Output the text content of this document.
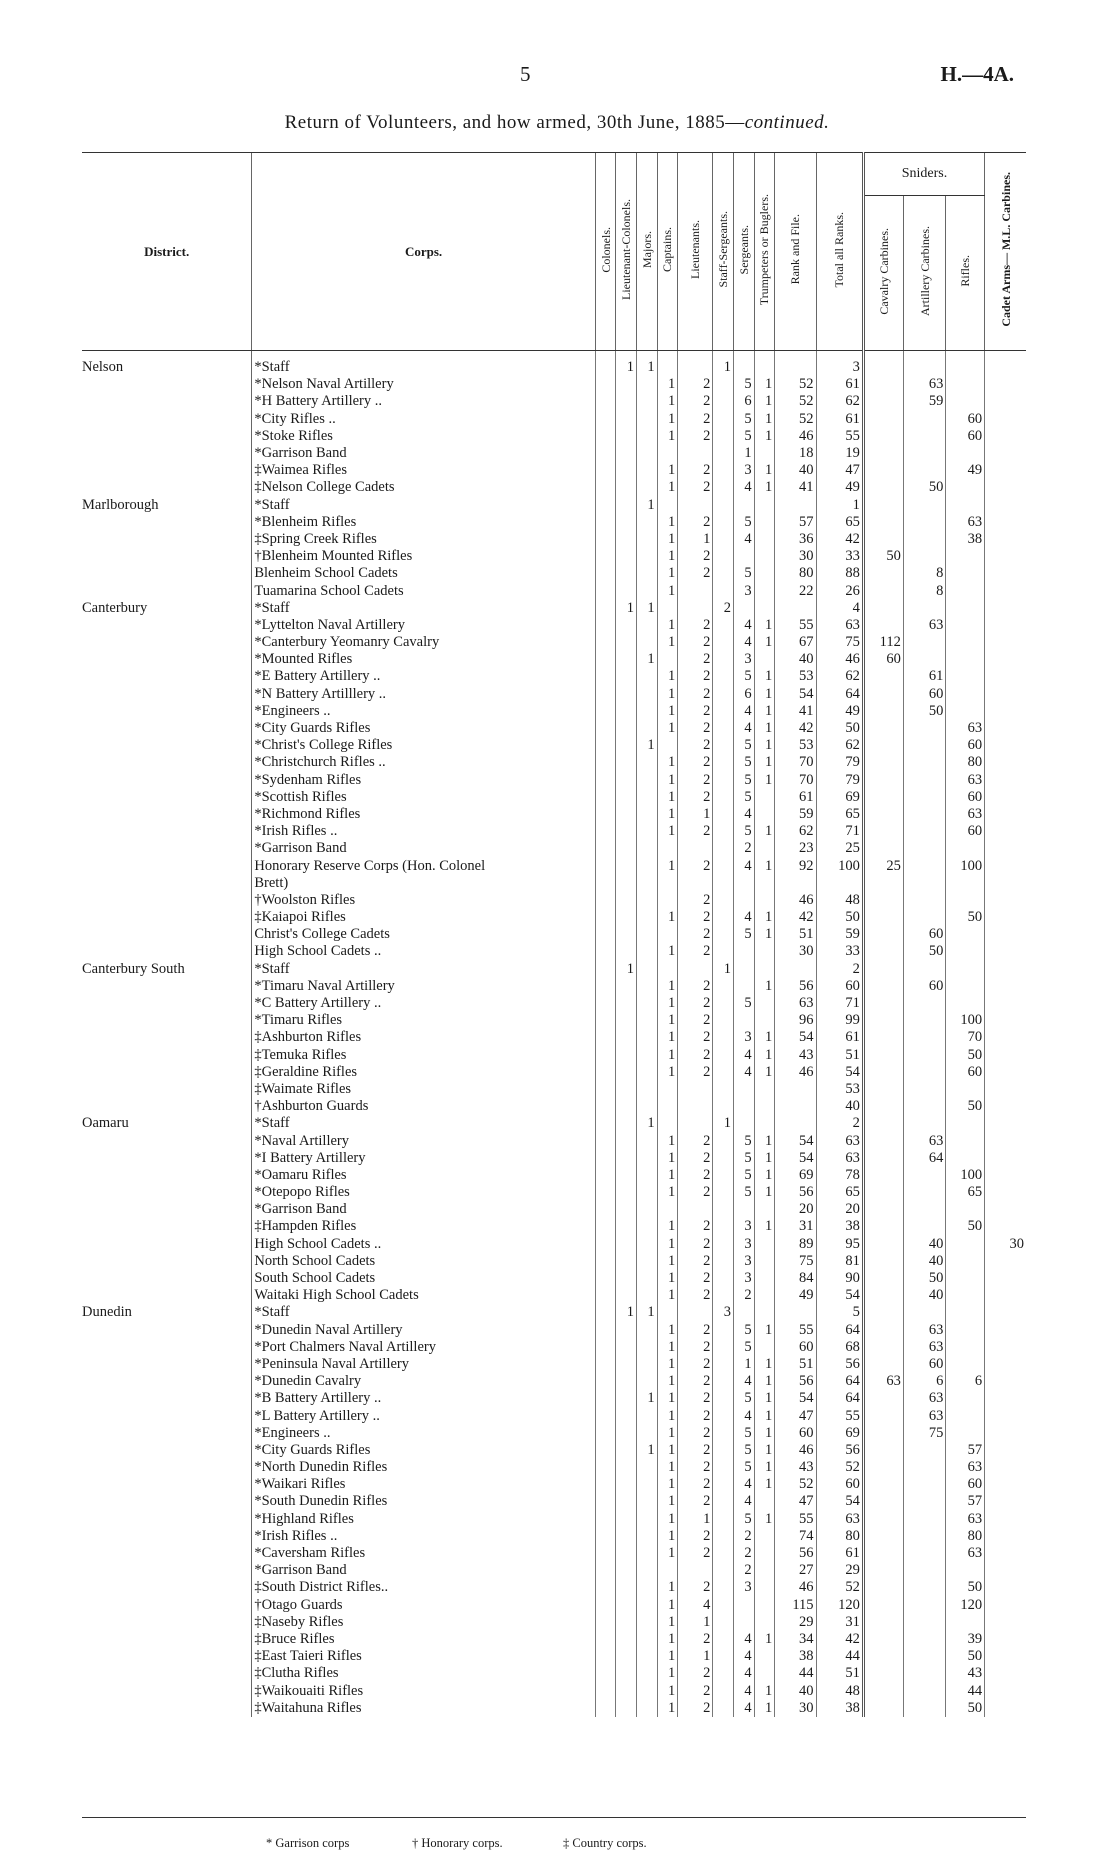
5	H.—4A.
Return of Volunteers, and how armed, 30th June, 1885—continued.
District.	Corps.	Colonels.	Lieutenant-Colonels.	Majors.	Captains.	Lieutenants.	Staff-Sergeants.	Sergeants.	Trumpeters or Buglers.	Rank and File.	Total all Ranks.	Sniders.			Cadet Arms— M.L. Carbines.
												Cavalry Carbines.	Artillery Carbines.	Rifles.	
Nelson	*Staff		1	1			1				3				
	*Nelson Naval Artillery				1	2		5	1	52	61		63		
	*H Battery Artillery ..				1	2		6	1	52	62		59		
	*City Rifles ..				1	2		5	1	52	61			60	
	*Stoke Rifles				1	2		5	1	46	55			60	
	*Garrison Band							1		18	19				
	‡Waimea Rifles				1	2		3	1	40	47			49	
	‡Nelson College Cadets				1	2		4	1	41	49		50		
Marlborough	*Staff			1							1				
	*Blenheim Rifles				1	2		5		57	65			63	
	‡Spring Creek Rifles				1	1		4		36	42			38	
	†Blenheim Mounted Rifles				1	2				30	33	50			
	Blenheim School Cadets				1	2		5		80	88		8		
	Tuamarina School Cadets				1			3		22	26		8		
Canterbury	*Staff		1	1			2				4				
	*Lyttelton Naval Artillery				1	2		4	1	55	63		63		
	*Canterbury Yeomanry Cavalry				1	2		4	1	67	75	112			
	*Mounted Rifles			1		2		3		40	46	60			
	*E Battery Artillery ..				1	2		5	1	53	62		61		
	*N Battery Artilllery ..				1	2		6	1	54	64		60		
	*Engineers ..				1	2		4	1	41	49		50		
	*City Guards Rifles				1	2		4	1	42	50			63	
	*Christ's College Rifles			1		2		5	1	53	62			60	
	*Christchurch Rifles ..				1	2		5	1	70	79			80	
	*Sydenham Rifles				1	2		5	1	70	79			63	
	*Scottish Rifles				1	2		5		61	69			60	
	*Richmond Rifles				1	1		4		59	65			63	
	*Irish Rifles ..				1	2		5	1	62	71			60	
	*Garrison Band							2		23	25				
	Honorary Reserve Corps (Hon. Colonel				1	2		4	1	92	100	25		100	
	Brett)														
	†Woolston Rifles					2				46	48				
	‡Kaiapoi Rifles				1	2		4	1	42	50			50	
	Christ's College Cadets					2		5	1	51	59		60		
	High School Cadets ..				1	2				30	33		50		
Canterbury South	*Staff		1				1				2				
	*Timaru Naval Artillery				1	2			1	56	60		60		
	*C Battery Artillery ..				1	2		5		63	71				
	*Timaru Rifles				1	2				96	99			100	
	‡Ashburton Rifles				1	2		3	1	54	61			70	
	‡Temuka Rifles				1	2		4	1	43	51			50	
	‡Geraldine Rifles				1	2		4	1	46	54			60	
	‡Waimate Rifles										53				
	†Ashburton Guards										40			50	
Oamaru	*Staff			1			1				2				
	*Naval Artillery				1	2		5	1	54	63		63		
	*I Battery Artillery				1	2		5	1	54	63		64		
	*Oamaru Rifles				1	2		5	1	69	78			100	
	*Otepopo Rifles				1	2		5	1	56	65			65	
	*Garrison Band									20	20				
	‡Hampden Rifles				1	2		3	1	31	38			50	
	High School Cadets ..				1	2		3		89	95		40		30
	North School Cadets				1	2		3		75	81		40		
	South School Cadets				1	2		3		84	90		50		
	Waitaki High School Cadets				1	2		2		49	54		40		
Dunedin	*Staff		1	1			3				5				
	*Dunedin Naval Artillery				1	2		5	1	55	64		63		
	*Port Chalmers Naval Artillery				1	2		5		60	68		63		
	*Peninsula Naval Artillery				1	2		1	1	51	56		60		
	*Dunedin Cavalry				1	2		4	1	56	64	63	6	6	
	*B Battery Artillery ..			1	1	2		5	1	54	64		63		
	*L Battery Artillery ..				1	2		4	1	47	55		63		
	*Engineers ..				1	2		5	1	60	69		75		
	*City Guards Rifles			1	1	2		5	1	46	56			57	
	*North Dunedin Rifles				1	2		5	1	43	52			63	
	*Waikari Rifles				1	2		4	1	52	60			60	
	*South Dunedin Rifles				1	2		4		47	54			57	
	*Highland Rifles				1	1		5	1	55	63			63	
	*Irish Rifles ..				1	2		2		74	80			80	
	*Caversham Rifles				1	2		2		56	61			63	
	*Garrison Band							2		27	29				
	‡South District Rifles..				1	2		3		46	52			50	
	†Otago Guards				1	4				115	120			120	
	‡Naseby Rifles				1	1				29	31				
	‡Bruce Rifles				1	2		4	1	34	42			39	
	‡East Taieri Rifles				1	1		4		38	44			50	
	‡Clutha Rifles				1	2		4		44	51			43	
	‡Waikouaiti Rifles				1	2		4	1	40	48			44	
	‡Waitahuna Rifles				1	2		4	1	30	38			50	
* Garrison corps	† Honorary corps.	‡ Country corps.
